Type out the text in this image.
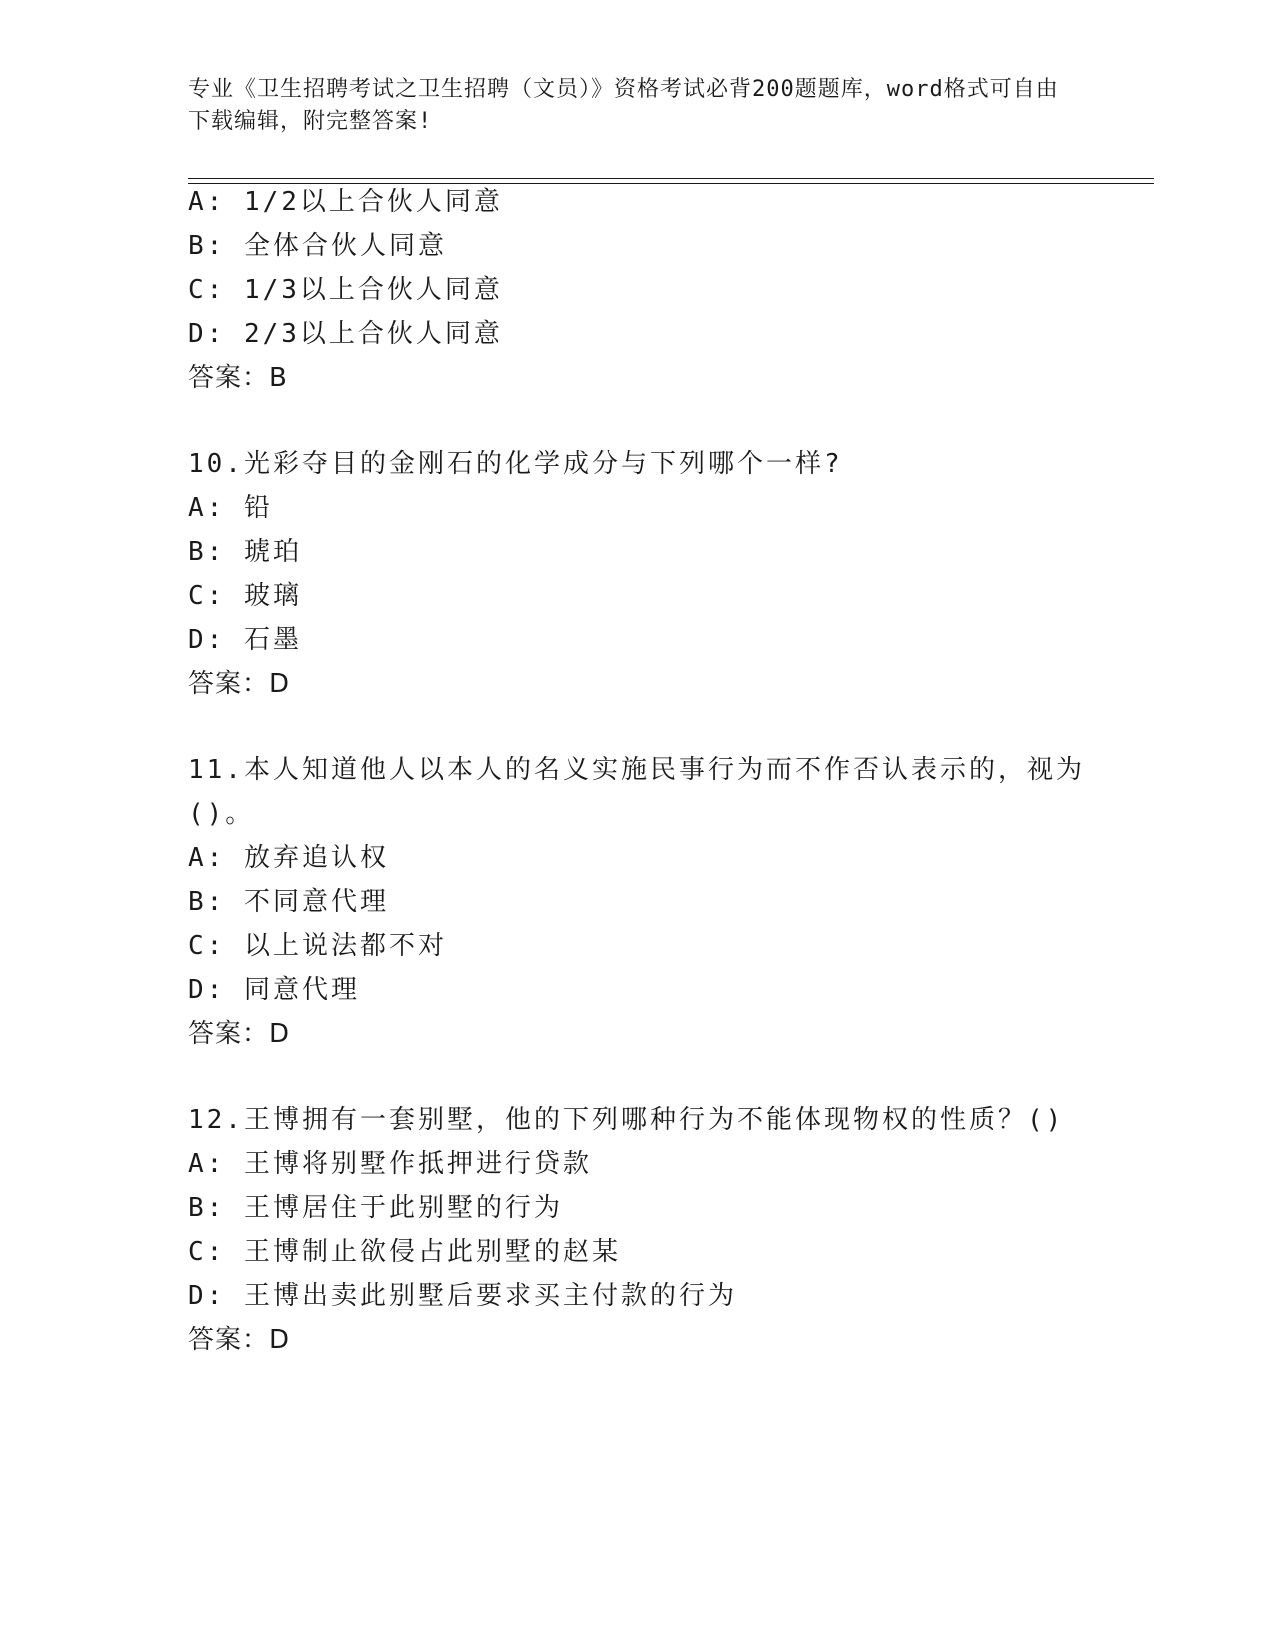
专业《卫生招聘考试之卫生招聘（文员）》资格考试必背200题题库，word格式可自由下载编辑，附完整答案!
A: 1/2以上合伙人同意
B: 全体合伙人同意
C: 1/3以上合伙人同意
D: 2/3以上合伙人同意
答案：B
10.光彩夺目的金刚石的化学成分与下列哪个一样?
A: 铅
B: 琥珀
C: 玻璃
D: 石墨
答案：D
11.本人知道他人以本人的名义实施民事行为而不作否认表示的，视为
()。
A: 放弃追认权
B: 不同意代理
C: 以上说法都不对
D: 同意代理
答案：D
12.王博拥有一套别墅，他的下列哪种行为不能体现物权的性质？()
A: 王博将别墅作抵押进行贷款
B: 王博居住于此别墅的行为
C: 王博制止欲侵占此别墅的赵某
D: 王博出卖此别墅后要求买主付款的行为
答案：D
